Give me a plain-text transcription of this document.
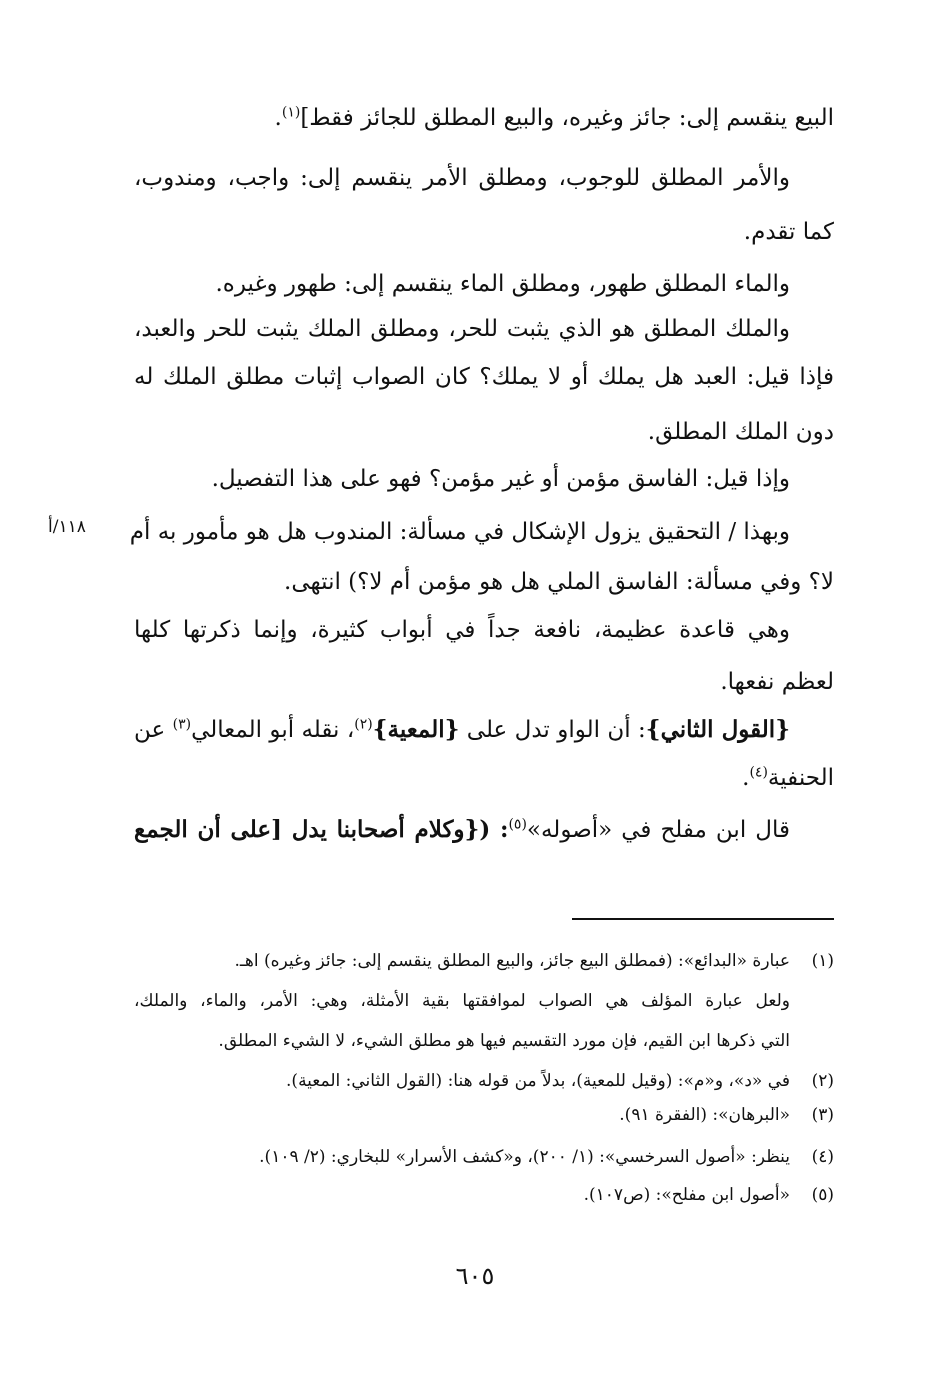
البيع ينقسم إلى: جائز وغيره، والبيع المطلق للجائز فقط]$^{(١)}$.
والأمر المطلق للوجوب، ومطلق الأمر ينقسم إلى: واجب، ومندوب،
كما تقدم.
والماء المطلق طهور، ومطلق الماء ينقسم إلى: طهور وغيره.
والملك المطلق هو الذي يثبت للحر، ومطلق الملك يثبت للحر والعبد،
فإذا قيل: العبد هل يملك أو لا يملك؟ كان الصواب إثبات مطلق الملك له
دون الملك المطلق.
وإذا قيل: الفاسق مؤمن أو غير مؤمن؟ فهو على هذا التفصيل.
وبهذا / التحقيق يزول الإشكال في مسألة: المندوب هل هو مأمور به أم
١١٨/أ
لا؟ وفي مسألة: الفاسق الملي هل هو مؤمن أم لا؟) انتهى.
وهي قاعدة عظيمة، نافعة جداً في أبواب كثيرة، وإنما ذكرتها كلها
لعظم نفعها.
{القول الثاني}: أن الواو تدل على {المعية}$^{(٢)}$، نقله أبو المعالي$^{(٣)}$ عن
الحنفية$^{(٤)}$.
قال ابن مفلح في «أصوله»$^{(٥)}$: ({وكلام أصحابنا يدل [على أن الجمع
(١)
عبارة «البدائع»: (فمطلق البيع جائز، والبيع المطلق ينقسم إلى: جائز وغيره) اهـ.
ولعل عبارة المؤلف هي الصواب لموافقتها بقية الأمثلة، وهي: الأمر، والماء، والملك،
التي ذكرها ابن القيم، فإن مورد التقسيم فيها هو مطلق الشيء، لا الشيء المطلق.
(٢)
في «د»، و«م»: (وقيل للمعية)، بدلاً من قوله هنا: (القول الثاني: المعية).
(٣)
«البرهان»: (الفقرة ٩١).
(٤)
ينظر: «أصول السرخسي»: (١/ ٢٠٠)، و«كشف الأسرار» للبخاري: (٢/ ١٠٩).
(٥)
«أصول ابن مفلح»: (ص١٠٧).
٦٠٥
